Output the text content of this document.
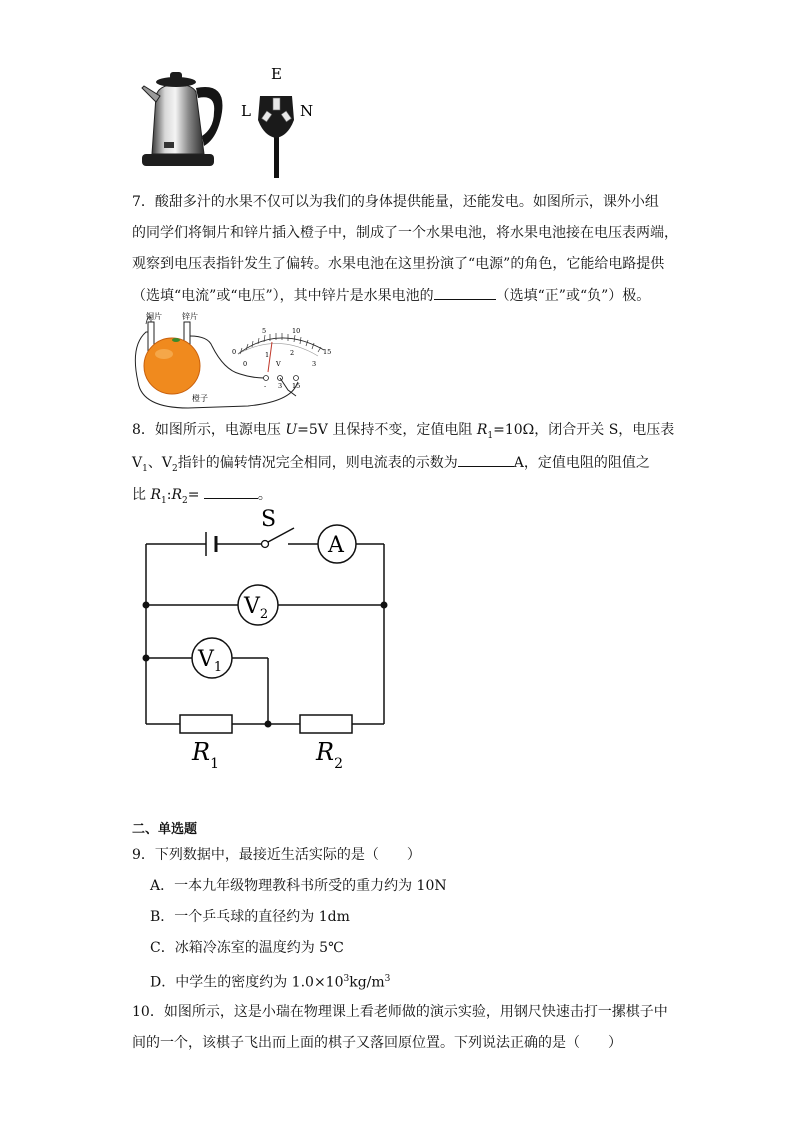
E
L	N
7．酸甜多汁的水果不仅可以为我们的身体提供能量，还能发电。如图所示，课外小组
的同学们将铜片和锌片插入橙子中，制成了一个水果电池，将水果电池接在电压表两端，
观察到电压表指针发生了偏转。水果电池在这里扮演了“电源”的角色，它能给电路提供
（选填“电流”或“电压”），其中锌片是水果电池的	（选填“正”或“负”）极。
铜片	锌片
橙子
5	10
15
0
0
1	2
3
V
- 3 15
8．如图所示，电源电压 U=5V 且保持不变，定值电阻 $R_1=10\Omega$，闭合开关 S，电压表
$V_1$、$V_2$指针的偏转情况完全相同，则电流表的示数为	A，定值电阻的阻值之
比 $R_1:R_2=$	。
S
A
$V_2$
$V_1$
$R_1$	$R_2$
二、单选题
9．下列数据中，最接近生活实际的是（　　）
A．一本九年级物理教科书所受的重力约为 10N
B．一个乒乓球的直径约为 1dm
C．冰箱冷冻室的温度约为 5℃
D．中学生的密度约为 $1.0\times 10^3kg/m^3$
10．如图所示，这是小瑞在物理课上看老师做的演示实验，用钢尺快速击打一摞棋子中
间的一个，该棋子飞出而上面的棋子又落回原位置。下列说法正确的是（　　）
